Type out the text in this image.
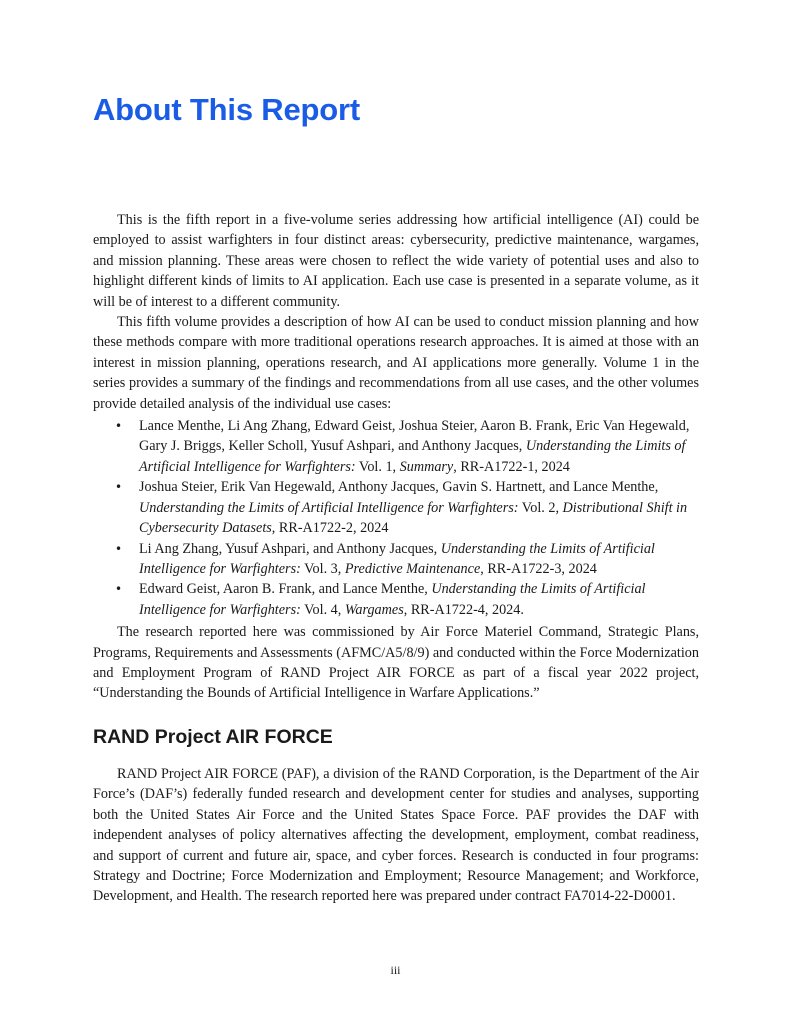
About This Report

This is the fifth report in a five-volume series addressing how artificial intelligence (AI) could be employed to assist warfighters in four distinct areas: cybersecurity, predictive maintenance, wargames, and mission planning. These areas were chosen to reflect the wide variety of potential uses and also to highlight different kinds of limits to AI application. Each use case is presented in a separate volume, as it will be of interest to a different community.

This fifth volume provides a description of how AI can be used to conduct mission planning and how these methods compare with more traditional operations research approaches. It is aimed at those with an interest in mission planning, operations research, and AI applications more generally. Volume 1 in the series provides a summary of the findings and recommendations from all use cases, and the other volumes provide detailed analysis of the individual use cases:

• Lance Menthe, Li Ang Zhang, Edward Geist, Joshua Steier, Aaron B. Frank, Eric Van Hegewald, Gary J. Briggs, Keller Scholl, Yusuf Ashpari, and Anthony Jacques, Understanding the Limits of Artificial Intelligence for Warfighters: Vol. 1, Summary, RR-A1722-1, 2024
• Joshua Steier, Erik Van Hegewald, Anthony Jacques, Gavin S. Hartnett, and Lance Menthe, Understanding the Limits of Artificial Intelligence for Warfighters: Vol. 2, Distributional Shift in Cybersecurity Datasets, RR-A1722-2, 2024
• Li Ang Zhang, Yusuf Ashpari, and Anthony Jacques, Understanding the Limits of Artificial Intelligence for Warfighters: Vol. 3, Predictive Maintenance, RR-A1722-3, 2024
• Edward Geist, Aaron B. Frank, and Lance Menthe, Understanding the Limits of Artificial Intelligence for Warfighters: Vol. 4, Wargames, RR-A1722-4, 2024.

The research reported here was commissioned by Air Force Materiel Command, Strategic Plans, Programs, Requirements and Assessments (AFMC/A5/8/9) and conducted within the Force Modernization and Employment Program of RAND Project AIR FORCE as part of a fiscal year 2022 project, “Understanding the Bounds of Artificial Intelligence in Warfare Applications.”

RAND Project AIR FORCE

RAND Project AIR FORCE (PAF), a division of the RAND Corporation, is the Department of the Air Force’s (DAF’s) federally funded research and development center for studies and analyses, supporting both the United States Air Force and the United States Space Force. PAF provides the DAF with independent analyses of policy alternatives affecting the development, employment, combat readiness, and support of current and future air, space, and cyber forces. Research is conducted in four programs: Strategy and Doctrine; Force Modernization and Employment; Resource Management; and Workforce, Development, and Health. The research reported here was prepared under contract FA7014-22-D0001.

iii
